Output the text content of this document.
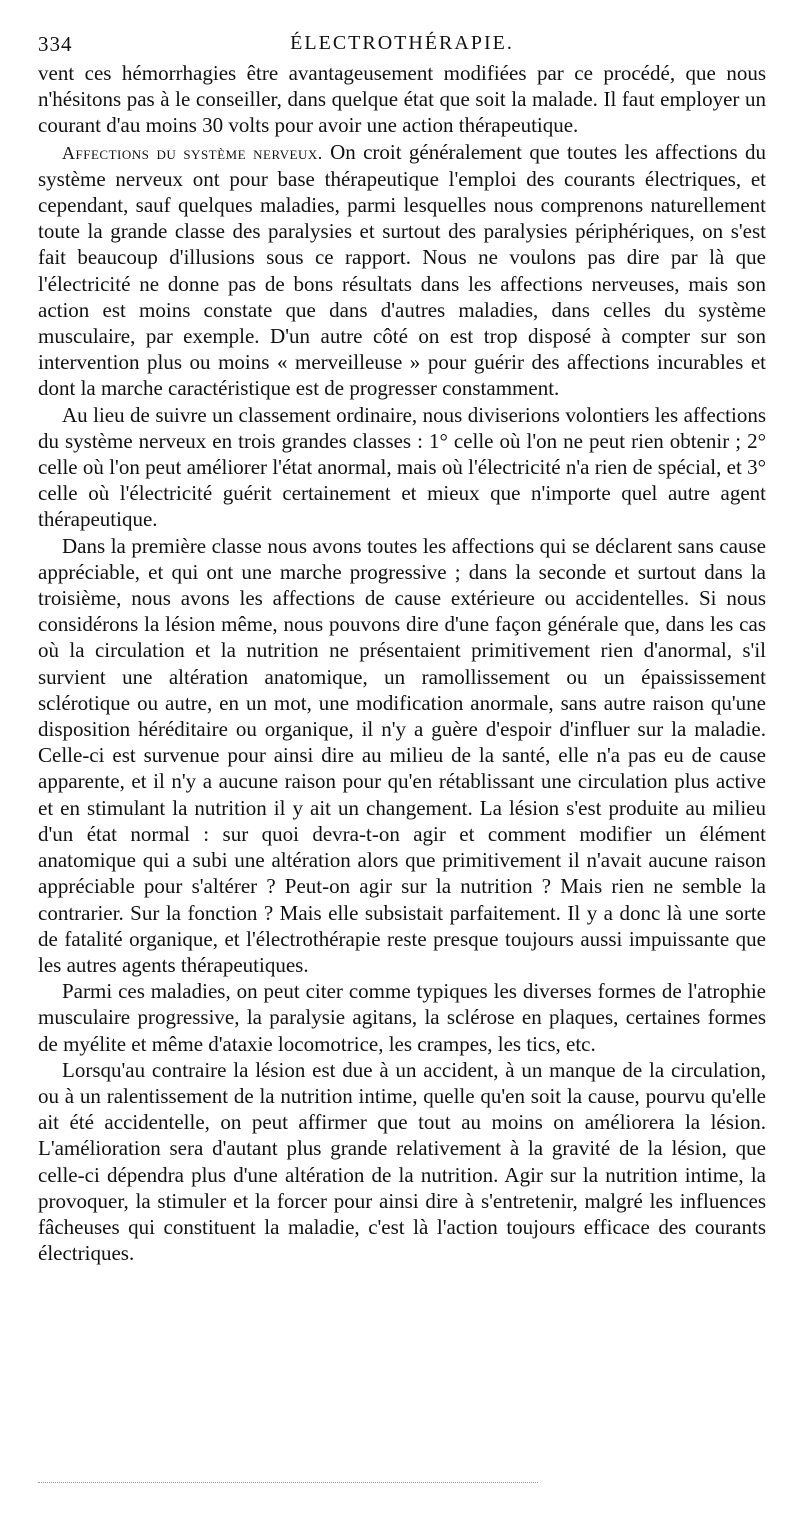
334	ÉLECTROTHÉRAPIE.

vent ces hémorrhagies être avantageusement modifiées par ce procédé, que nous n'hésitons pas à le conseiller, dans quelque état que soit la malade. Il faut employer un courant d'au moins 30 volts pour avoir une action thérapeutique.

Affections du système nerveux. On croit généralement que toutes les affections du système nerveux ont pour base thérapeutique l'emploi des courants électriques, et cependant, sauf quelques maladies, parmi lesquelles nous comprenons naturellement toute la grande classe des paralysies et surtout des paralysies périphériques, on s'est fait beaucoup d'illusions sous ce rapport. Nous ne voulons pas dire par là que l'électricité ne donne pas de bons résultats dans les affections nerveuses, mais son action est moins constate que dans d'autres maladies, dans celles du système musculaire, par exemple. D'un autre côté on est trop disposé à compter sur son intervention plus ou moins « merveilleuse » pour guérir des affections incurables et dont la marche caractéristique est de progresser constamment.

Au lieu de suivre un classement ordinaire, nous diviserions volontiers les affections du système nerveux en trois grandes classes : 1° celle où l'on ne peut rien obtenir ; 2° celle où l'on peut améliorer l'état anormal, mais où l'électricité n'a rien de spécial, et 3° celle où l'électricité guérit certainement et mieux que n'importe quel autre agent thérapeutique.

Dans la première classe nous avons toutes les affections qui se déclarent sans cause appréciable, et qui ont une marche progressive ; dans la seconde et surtout dans la troisième, nous avons les affections de cause extérieure ou accidentelles. Si nous considérons la lésion même, nous pouvons dire d'une façon générale que, dans les cas où la circulation et la nutrition ne présentaient primitivement rien d'anormal, s'il survient une altération anatomique, un ramollissement ou un épaississement sclérotique ou autre, en un mot, une modification anormale, sans autre raison qu'une disposition héréditaire ou organique, il n'y a guère d'espoir d'influer sur la maladie. Celle-ci est survenue pour ainsi dire au milieu de la santé, elle n'a pas eu de cause apparente, et il n'y a aucune raison pour qu'en rétablissant une circulation plus active et en stimulant la nutrition il y ait un changement. La lésion s'est produite au milieu d'un état normal : sur quoi devra-t-on agir et comment modifier un élément anatomique qui a subi une altération alors que primitivement il n'avait aucune raison appréciable pour s'altérer ? Peut-on agir sur la nutrition ? Mais rien ne semble la contrarier. Sur la fonction ? Mais elle subsistait parfaitement. Il y a donc là une sorte de fatalité organique, et l'électrothérapie reste presque toujours aussi impuissante que les autres agents thérapeutiques.

Parmi ces maladies, on peut citer comme typiques les diverses formes de l'atrophie musculaire progressive, la paralysie agitans, la sclérose en plaques, certaines formes de myélite et même d'ataxie locomotrice, les crampes, les tics, etc.

Lorsqu'au contraire la lésion est due à un accident, à un manque de la circulation, ou à un ralentissement de la nutrition intime, quelle qu'en soit la cause, pourvu qu'elle ait été accidentelle, on peut affirmer que tout au moins on améliorera la lésion. L'amélioration sera d'autant plus grande relativement à la gravité de la lésion, que celle-ci dépendra plus d'une altération de la nutrition. Agir sur la nutrition intime, la provoquer, la stimuler et la forcer pour ainsi dire à s'entretenir, malgré les influences fâcheuses qui constituent la maladie, c'est là l'action toujours efficace des courants électriques.
